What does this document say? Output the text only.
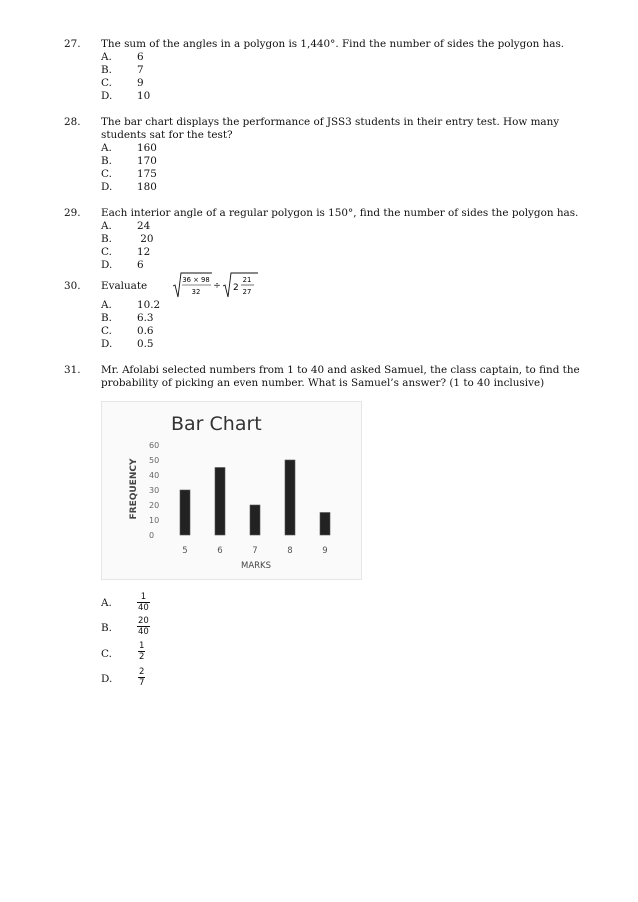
27. The sum of the angles in a polygon is 1,440°. Find the number of sides the polygon has.
A.	6
B.	7
C.	9
D.	10
28. The bar chart displays the performance of JSS3 students in their entry test. How many students sat for the test?
A.	160
B.	170
C.	175
D.	180
29. Each interior angle of a regular polygon is 150°, find the number of sides the polygon has.
A.	24
B.	20
C.	12
D.	6
30. Evaluate	36 × 98
32
÷ 2
21
27
A.	10.2
B.	6.3
C.	0.6
D.	0.5
31. Mr. Afolabi selected numbers from 1 to 40 and asked Samuel, the class captain, to find the probability of picking an even number. What is Samuel’s answer? (1 to 40 inclusive)
Bar Chart
FREQUENCY
MARKS
0
10
20
30
40
50
60
5	6	7	8	9
A.	$\frac{1}{40}$
B.	$\frac{20}{40}$
C.	$\frac{1}{2}$
D.	$\frac{2}{7}$
